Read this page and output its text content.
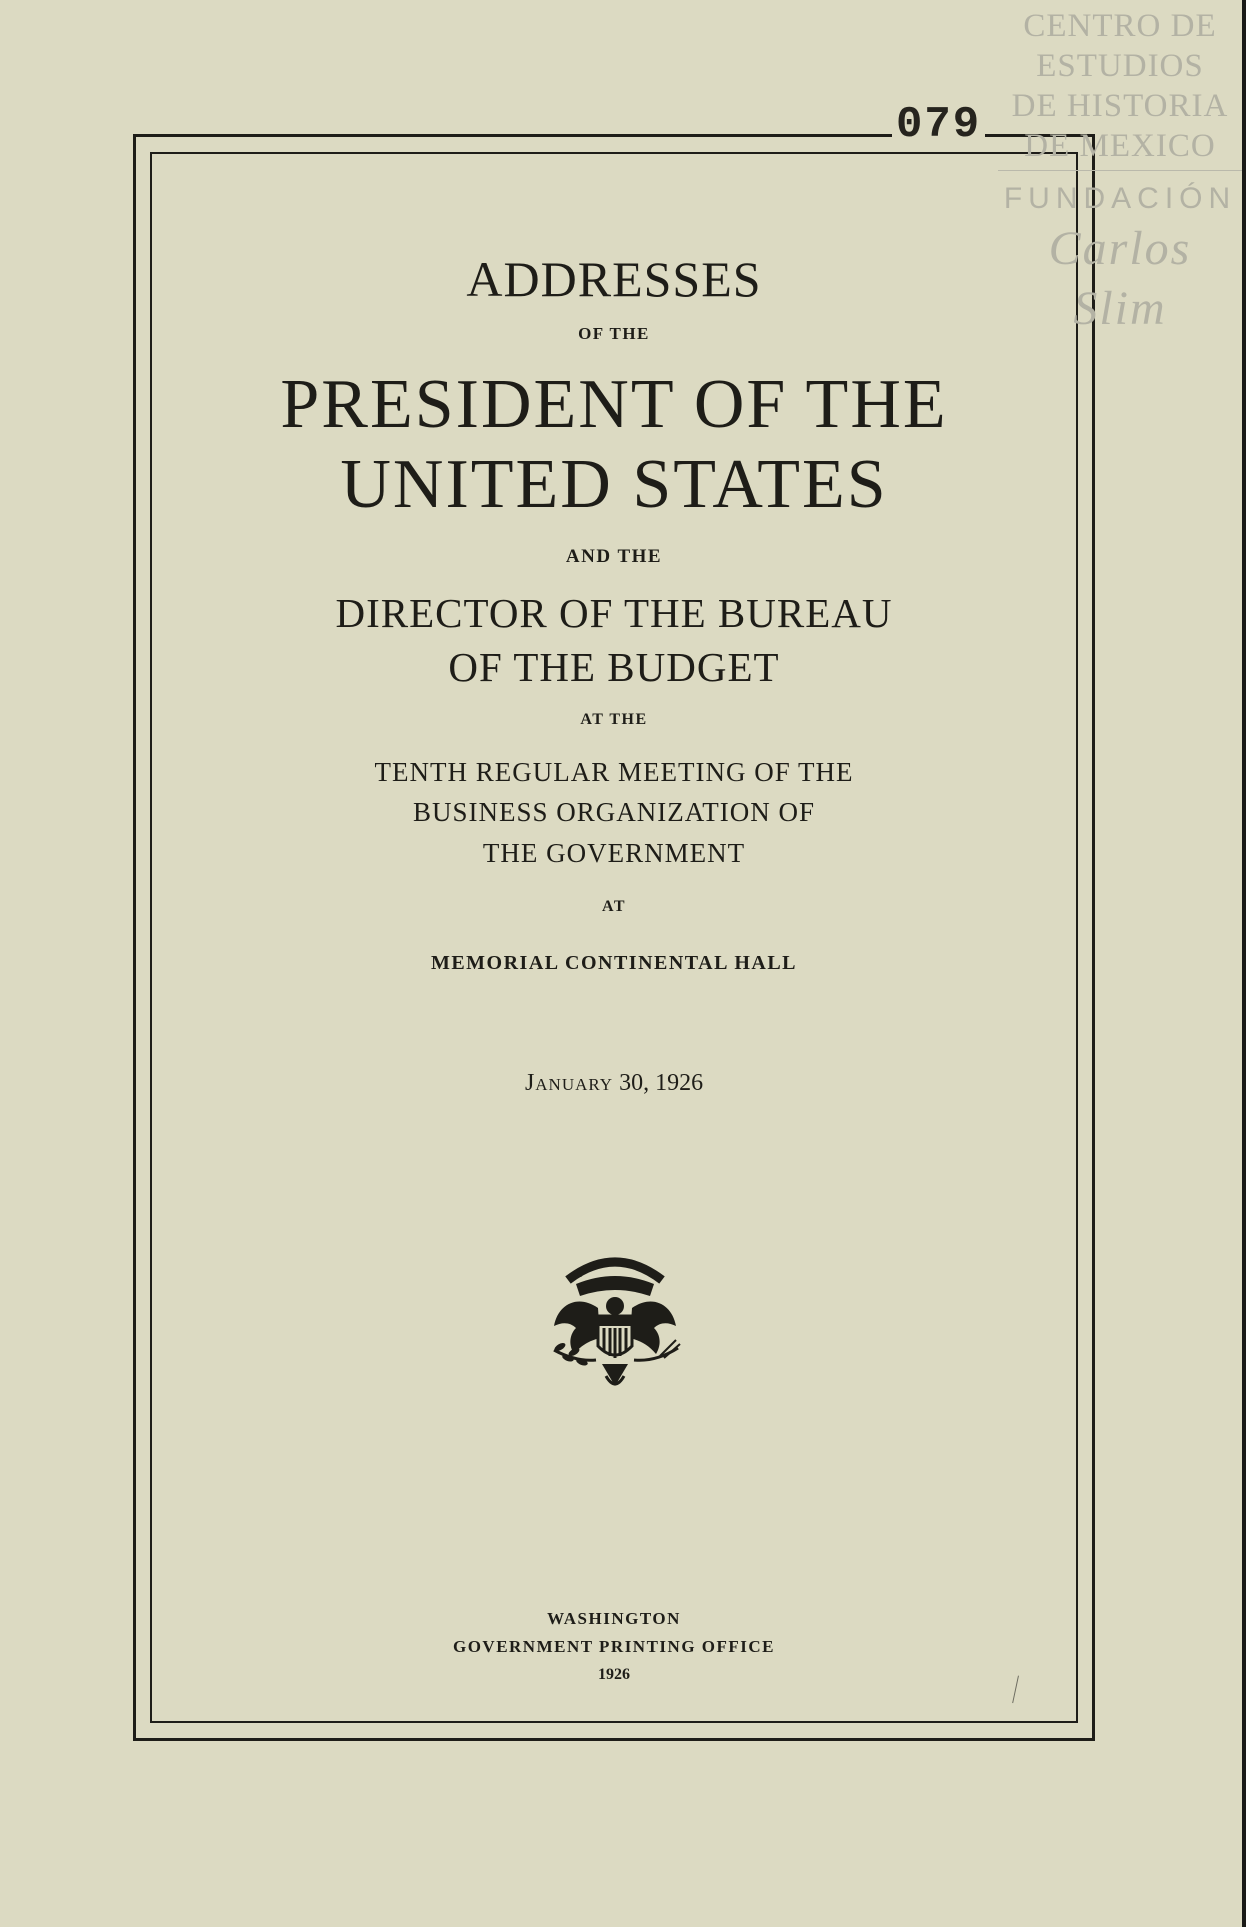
079
CENTRO DE
ESTUDIOS
DE HISTORIA
DE MEXICO
FUNDACIÓN
Carlos Slim
ADDRESSES
OF THE
PRESIDENT OF THE
UNITED STATES
AND THE
DIRECTOR OF THE BUREAU
OF THE BUDGET
AT THE
TENTH REGULAR MEETING OF THE
BUSINESS ORGANIZATION OF
THE GOVERNMENT
AT
MEMORIAL CONTINENTAL HALL
January 30, 1926
WASHINGTON
GOVERNMENT PRINTING OFFICE
1926
